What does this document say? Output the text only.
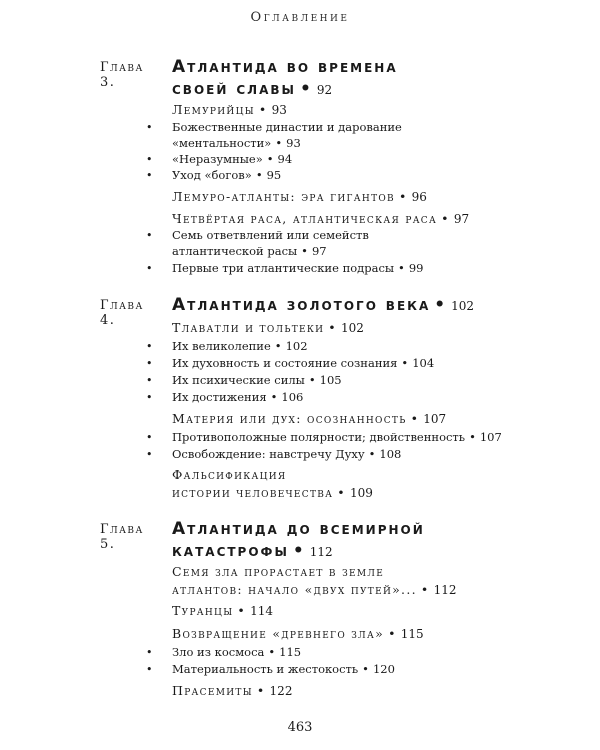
Оглавление
Глава 3.
Атлантида во времена
своей славы • 92
Лемурийцы • 93
• Божественные династии и дарование
«ментальности» • 93
• «Неразумные» • 94
• Уход «богов» • 95
Лемуро-атланты: эра гигантов • 96
Четвёртая раса, атлантическая раса • 97
• Семь ответвлений или семейств
атлантической расы • 97
• Первые три атлантические подрасы • 99
Глава 4.
Атлантида золотого века • 102
Тлаватли и тольтеки • 102
• Их великолепие • 102
• Их духовность и состояние сознания • 104
• Их психические силы • 105
• Их достижения • 106
Материя или дух: осознанность • 107
• Противоположные полярности; двойственность • 107
• Освобождение: навстречу Духу • 108
Фальсификация
истории человечества • 109
Глава 5.
Атлантида до всемирной
катастрофы • 112
Семя зла прорастает в земле
атлантов: начало «двух путей»... • 112
Туранцы • 114
Возвращение «древнего зла» • 115
• Зло из космоса • 115
• Материальность и жестокость • 120
Прасемиты • 122
463
